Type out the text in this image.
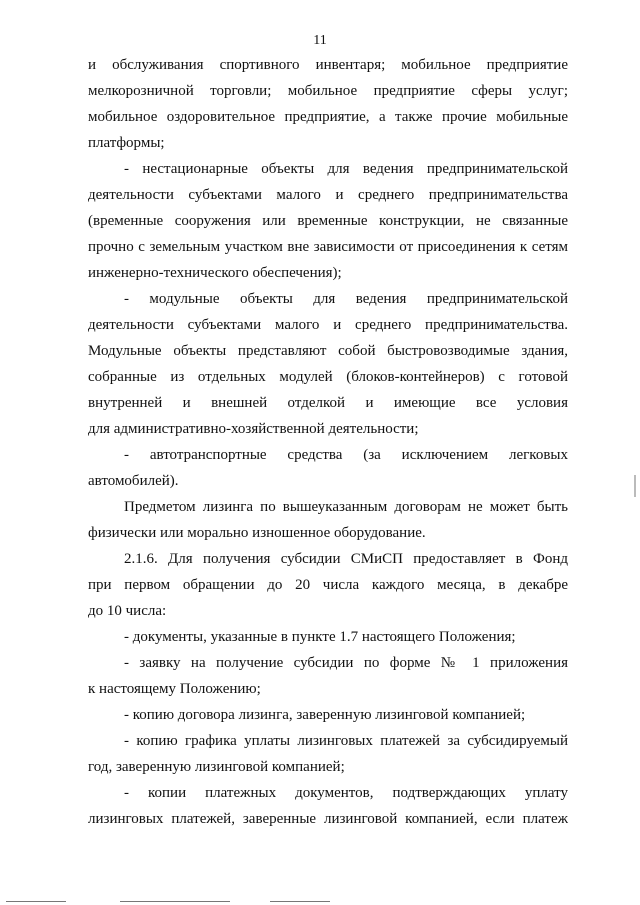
11
и обслуживания спортивного инвентаря; мобильное предприятие
мелкорозничной торговли; мобильное предприятие сферы услуг;
мобильное оздоровительное предприятие, а также прочие мобильные
платформы;
- нестационарные объекты для ведения предпринимательской
деятельности субъектами малого и среднего предпринимательства
(временные сооружения или временные конструкции, не связанные
прочно с земельным участком вне зависимости от присоединения к сетям
инженерно-технического обеспечения);
- модульные объекты для ведения предпринимательской
деятельности субъектами малого и среднего предпринимательства.
Модульные объекты представляют собой быстровозводимые здания,
собранные из отдельных модулей (блоков-контейнеров) с готовой
внутренней и внешней отделкой и имеющие все условия
для административно-хозяйственной деятельности;
- автотранспортные средства (за исключением легковых
автомобилей).
Предметом лизинга по вышеуказанным договорам не может быть
физически или морально изношенное оборудование.
2.1.6. Для получения субсидии СМиСП предоставляет в Фонд
при первом обращении до 20 числа каждого месяца, в декабре
до 10 числа:
- документы, указанные в пункте 1.7 настоящего Положения;
- заявку на получение субсидии по форме № 1 приложения
к настоящему Положению;
- копию договора лизинга, заверенную лизинговой компанией;
- копию графика уплаты лизинговых платежей за субсидируемый
год, заверенную лизинговой компанией;
- копии платежных документов, подтверждающих уплату
лизинговых платежей, заверенные лизинговой компанией, если платеж
